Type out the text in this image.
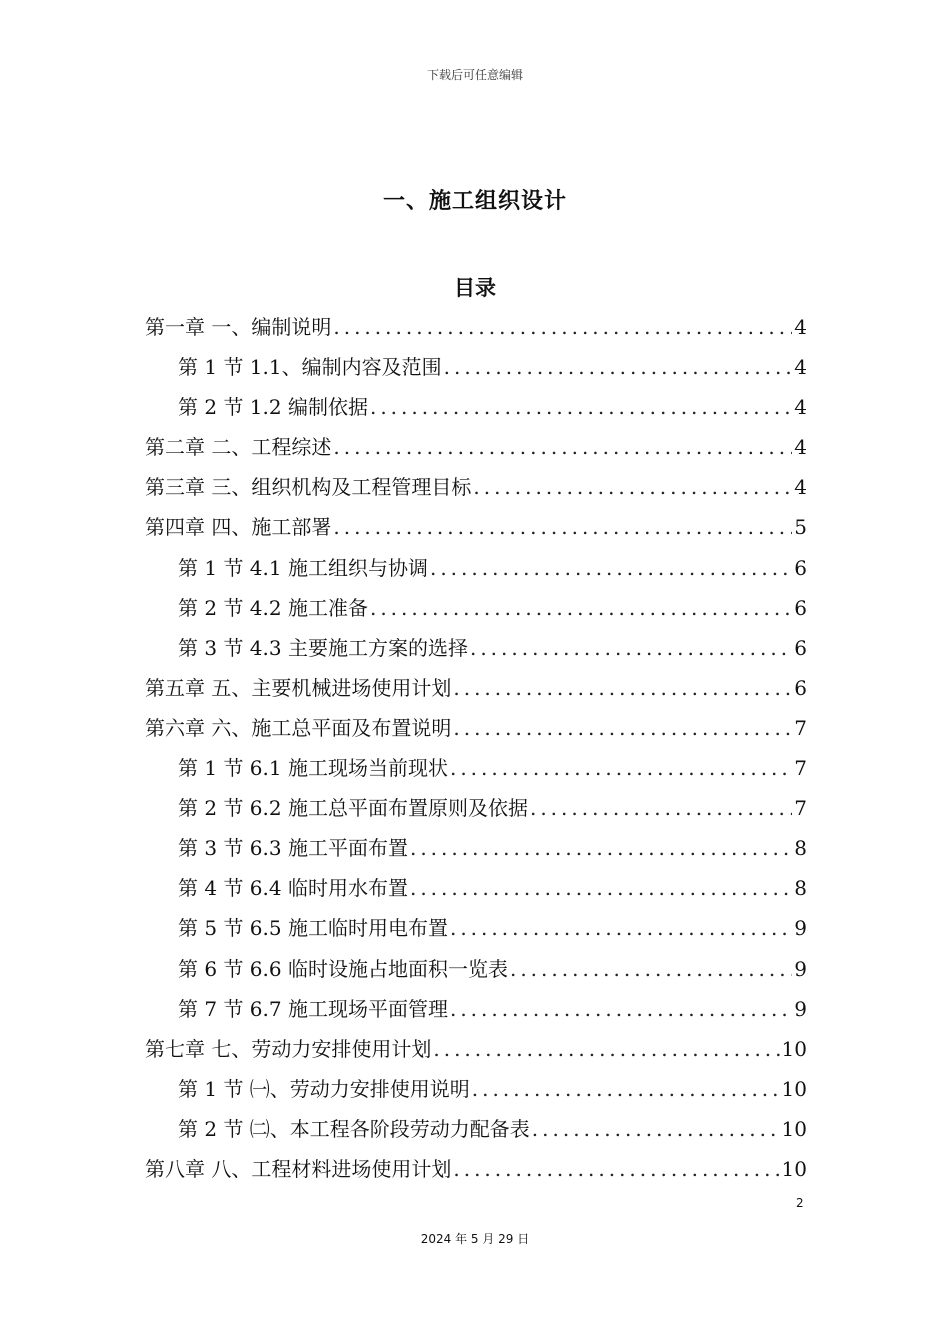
下载后可任意编辑
一、施工组织设计
目录
第一章 一、编制说明 .....	4
第 1 节 1.1、编制内容及范围 .....	4
第 2 节 1.2 编制依据 .....	4
第二章 二、工程综述 .....	4
第三章 三、组织机构及工程管理目标 .....	4
第四章 四、施工部署 .....	5
第 1 节 4.1 施工组织与协调 .....	6
第 2 节 4.2 施工准备 .....	6
第 3 节 4.3 主要施工方案的选择 .....	6
第五章 五、主要机械进场使用计划 .....	6
第六章 六、施工总平面及布置说明 .....	7
第 1 节 6.1 施工现场当前现状 .....	7
第 2 节 6.2 施工总平面布置原则及依据 .....	7
第 3 节 6.3 施工平面布置 .....	8
第 4 节 6.4 临时用水布置 .....	8
第 5 节 6.5 施工临时用电布置 .....	9
第 6 节 6.6 临时设施占地面积一览表 .....	9
第 7 节 6.7 施工现场平面管理 .....	9
第七章 七、劳动力安排使用计划 .....	10
第 1 节 ㈠、劳动力安排使用说明 .....	10
第 2 节 ㈡、本工程各阶段劳动力配备表 .....	10
第八章 八、工程材料进场使用计划 .....	10
2
2024 年 5 月 29 日
